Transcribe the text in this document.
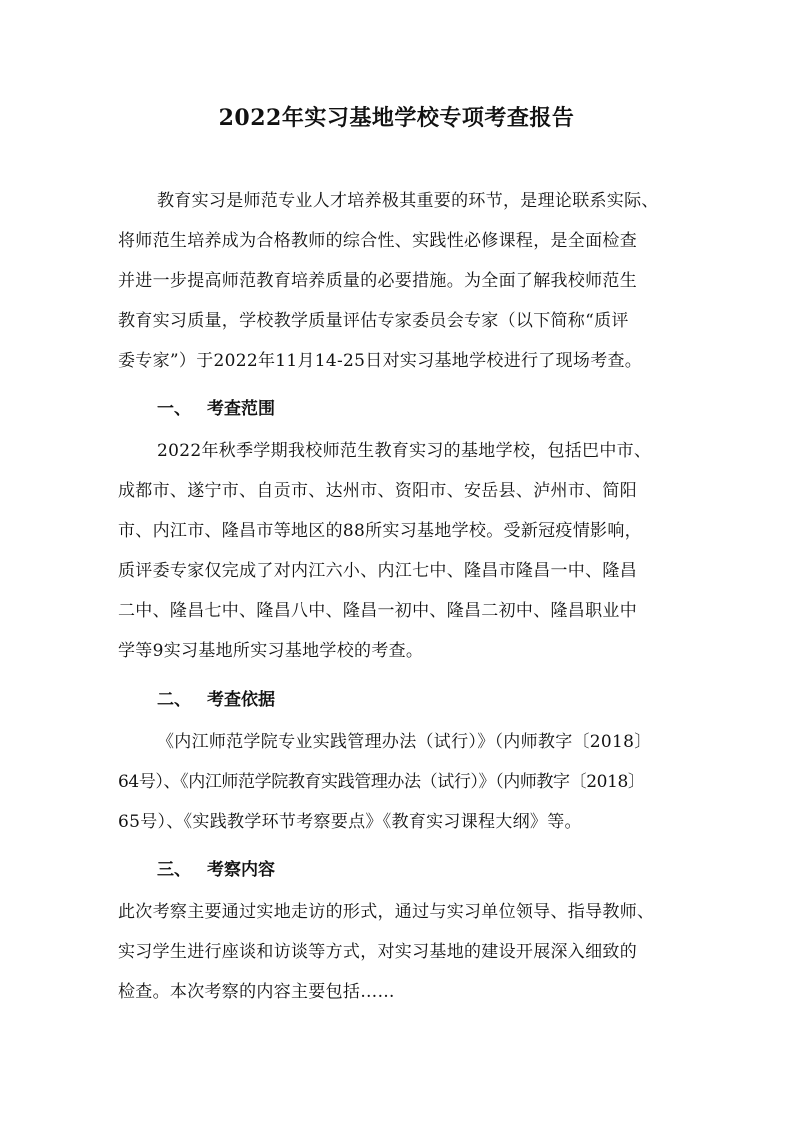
2022年实习基地学校专项考查报告
教育实习是师范专业人才培养极其重要的环节，是理论联系实际、
将师范生培养成为合格教师的综合性、实践性必修课程，是全面检查
并进一步提高师范教育培养质量的必要措施。为全面了解我校师范生
教育实习质量，学校教学质量评估专家委员会专家（以下简称“质评
委专家”）于2022年11月14-25日对实习基地学校进行了现场考查。
一、 考查范围
2022年秋季学期我校师范生教育实习的基地学校，包括巴中市、
成都市、遂宁市、自贡市、达州市、资阳市、安岳县、泸州市、简阳
市、内江市、隆昌市等地区的88所实习基地学校。受新冠疫情影响，
质评委专家仅完成了对内江六小、内江七中、隆昌市隆昌一中、隆昌
二中、隆昌七中、隆昌八中、隆昌一初中、隆昌二初中、隆昌职业中
学等9实习基地所实习基地学校的考查。
二、 考查依据
《内江师范学院专业实践管理办法（试行）》（内师教字〔2018〕
64号）、《内江师范学院教育实践管理办法（试行）》（内师教字〔2018〕
65号）、《实践教学环节考察要点》《教育实习课程大纲》等。
三、 考察内容
此次考察主要通过实地走访的形式，通过与实习单位领导、指导教师、
实习学生进行座谈和访谈等方式，对实习基地的建设开展深入细致的
检查。本次考察的内容主要包括……
